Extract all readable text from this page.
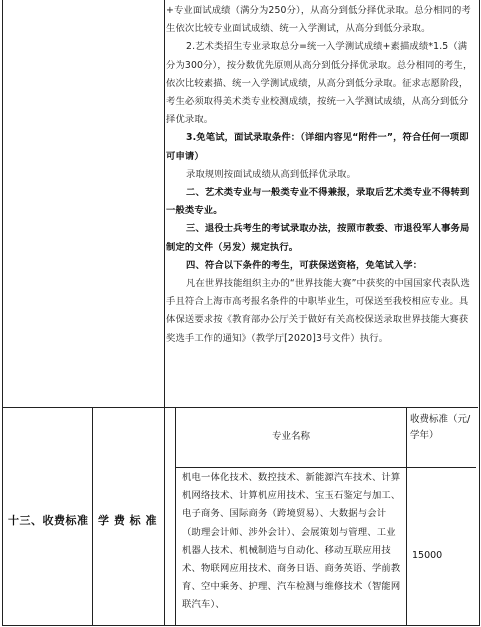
+专业面试成绩（满分为250分），从高分到低分择优录取。总分相同的考生依次比较专业面试成绩、统一入学测试，从高分到低分录取。

2.艺术类招生专业录取总分=统一入学测试成绩+素描成绩*1.5（满分为300分），按分数优先原则从高分到低分择优录取。总分相同的考生，依次比较素描、统一入学测试成绩，从高分到低分录取。征求志愿阶段，考生必须取得美术类专业校测成绩，按统一入学测试成绩，从高分到低分择优录取。

3.免笔试，面试录取条件：（详细内容见“附件一”，符合任何一项即可申请）

录取规则按面试成绩从高到低择优录取。

二、艺术类专业与一般类专业不得兼报，录取后艺术类专业不得转到一般类专业。

三、退役士兵考生的考试录取办法，按照市教委、市退役军人事务局制定的文件（另发）规定执行。

四、符合以下条件的考生，可获保送资格，免笔试入学：

凡在世界技能组织主办的“世界技能大赛”中获奖的中国国家代表队选手且符合上海市高考报名条件的中职毕业生，可保送至我校相应专业。具体保送要求按《教育部办公厅关于做好有关高校保送录取世界技能大赛获奖选手工作的通知》（教学厅[2020]3号文件）执行。

十三、收费标准 学 费 标 准
专业名称
收费标准（元/学年）
机电一体化技术、数控技术、新能源汽车技术、计算机网络技术、计算机应用技术、宝玉石鉴定与加工、电子商务、国际商务（跨境贸易）、大数据与会计（助理会计师、涉外会计）、会展策划与管理、工业机器人技术、机械制造与自动化、移动互联应用技术、物联网应用技术、商务日语、商务英语、学前教育、空中乘务、护理、汽车检测与维修技术（智能网联汽车）、
15000
